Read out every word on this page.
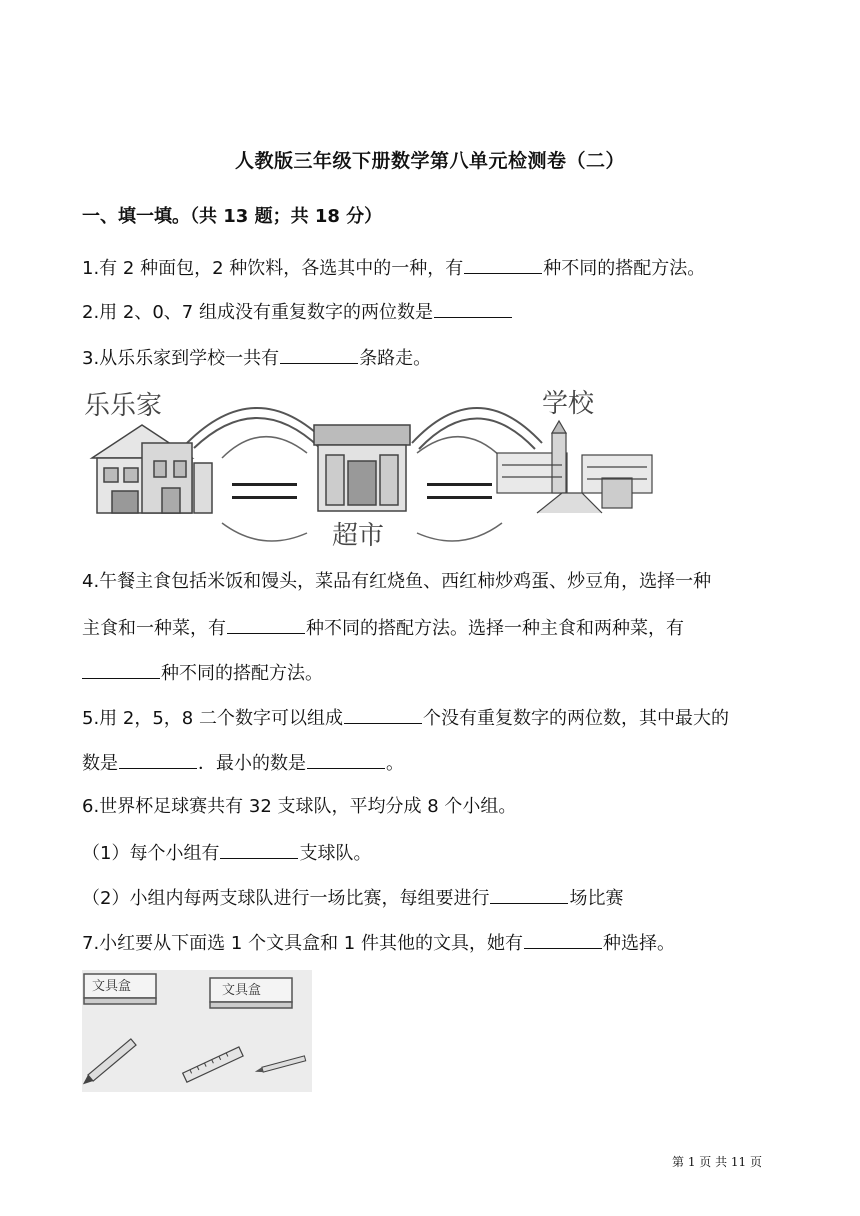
人教版三年级下册数学第八单元检测卷（二）
一、填一填。（共 13 题；共 18 分）
1.有 2 种面包，2 种饮料，各选其中的一种，有	种不同的搭配方法。
2.用 2、0、7 组成没有重复数字的两位数是
3.从乐乐家到学校一共有	条路走。
乐乐家	学校
超市
4.午餐主食包括米饭和馒头，菜品有红烧鱼、西红柿炒鸡蛋、炒豆角，选择一种
主食和一种菜，有	种不同的搭配方法。选择一种主食和两种菜，有
种不同的搭配方法。
5.用 2，5，8 二个数字可以组成	个没有重复数字的两位数，其中最大的
数是	．最小的数是	。
6.世界杯足球赛共有 32 支球队，平均分成 8 个小组。
（1）每个小组有	支球队。
（2）小组内每两支球队进行一场比赛，每组要进行	场比赛
7.小红要从下面选 1 个文具盒和 1 件其他的文具，她有	种选择。
文具盒	文具盒
第 1 页 共 11 页
